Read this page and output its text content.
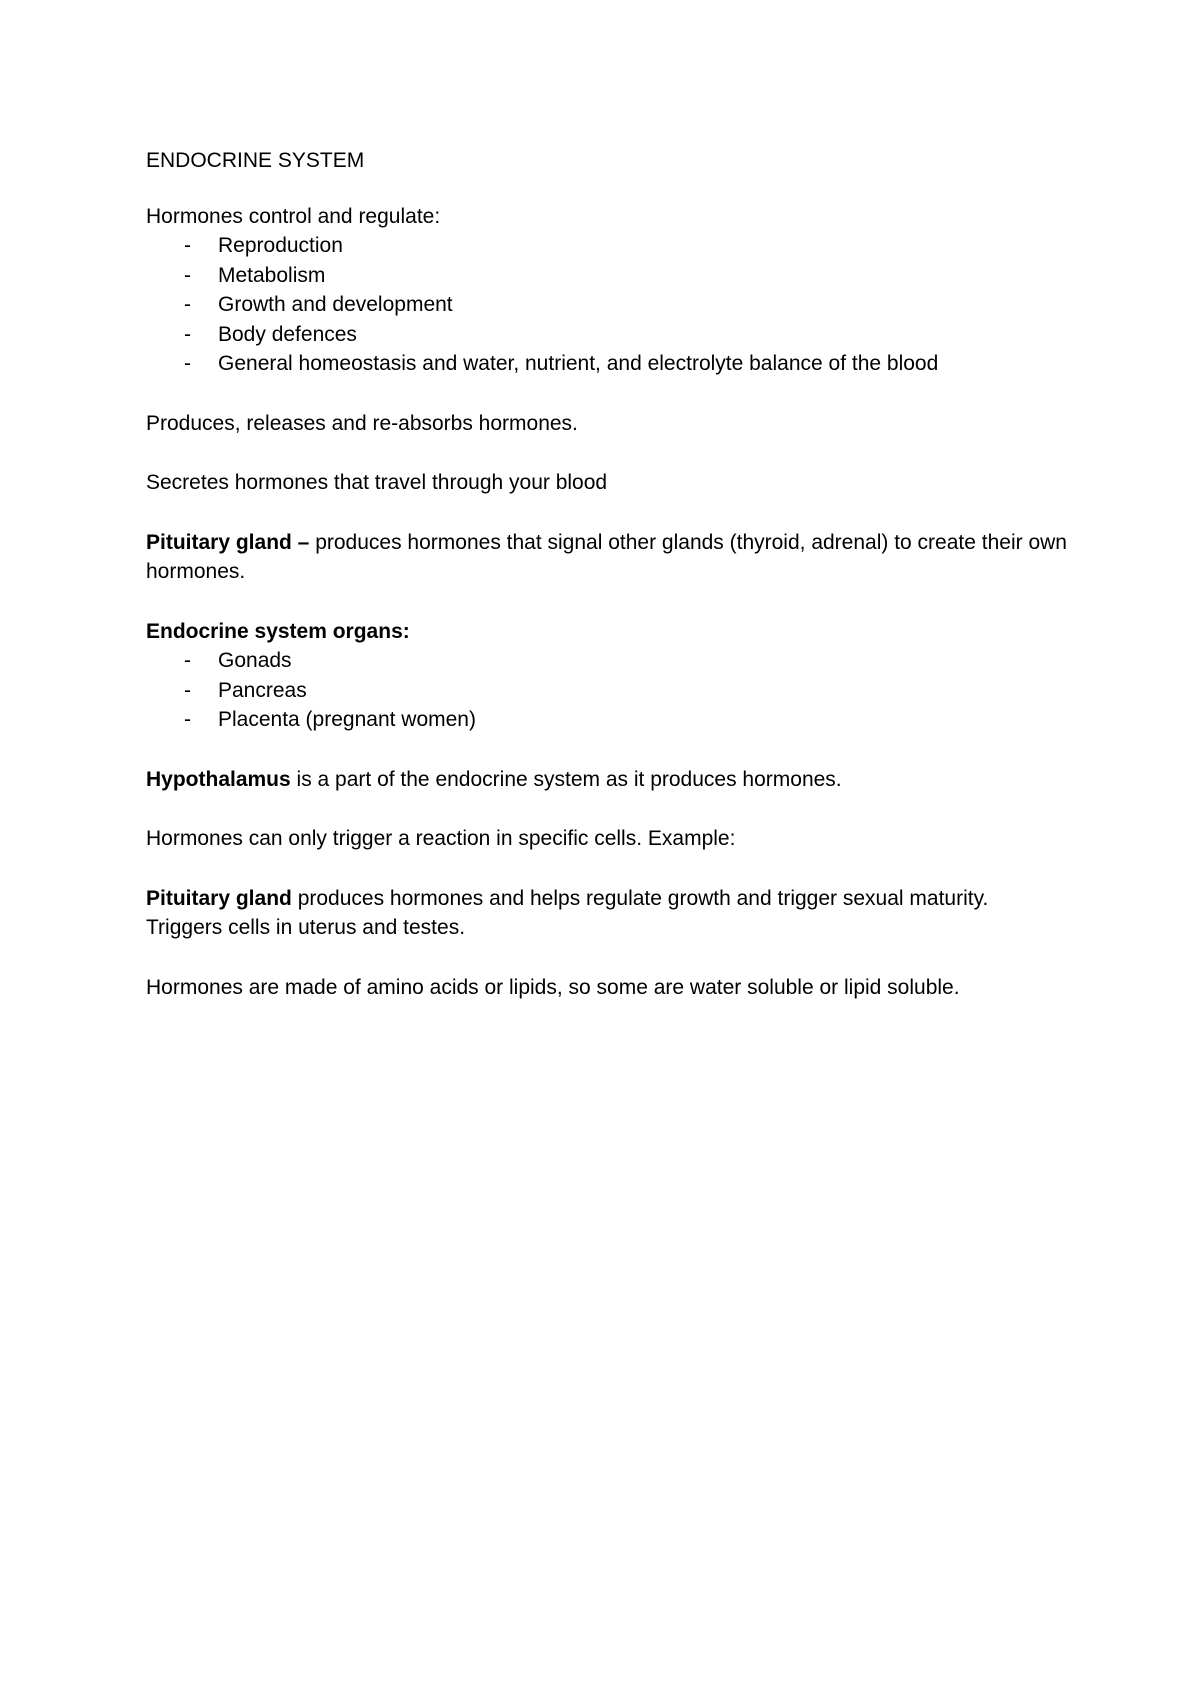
ENDOCRINE SYSTEM
Hormones control and regulate:
- Reproduction
- Metabolism
- Growth and development
- Body defences
- General homeostasis and water, nutrient, and electrolyte balance of the blood
Produces, releases and re-absorbs hormones.
Secretes hormones that travel through your blood
Pituitary gland – produces hormones that signal other glands (thyroid, adrenal) to create their own hormones.
Endocrine system organs:
- Gonads
- Pancreas
- Placenta (pregnant women)
Hypothalamus is a part of the endocrine system as it produces hormones.
Hormones can only trigger a reaction in specific cells. Example:
Pituitary gland produces hormones and helps regulate growth and trigger sexual maturity.
Triggers cells in uterus and testes.
Hormones are made of amino acids or lipids, so some are water soluble or lipid soluble.
